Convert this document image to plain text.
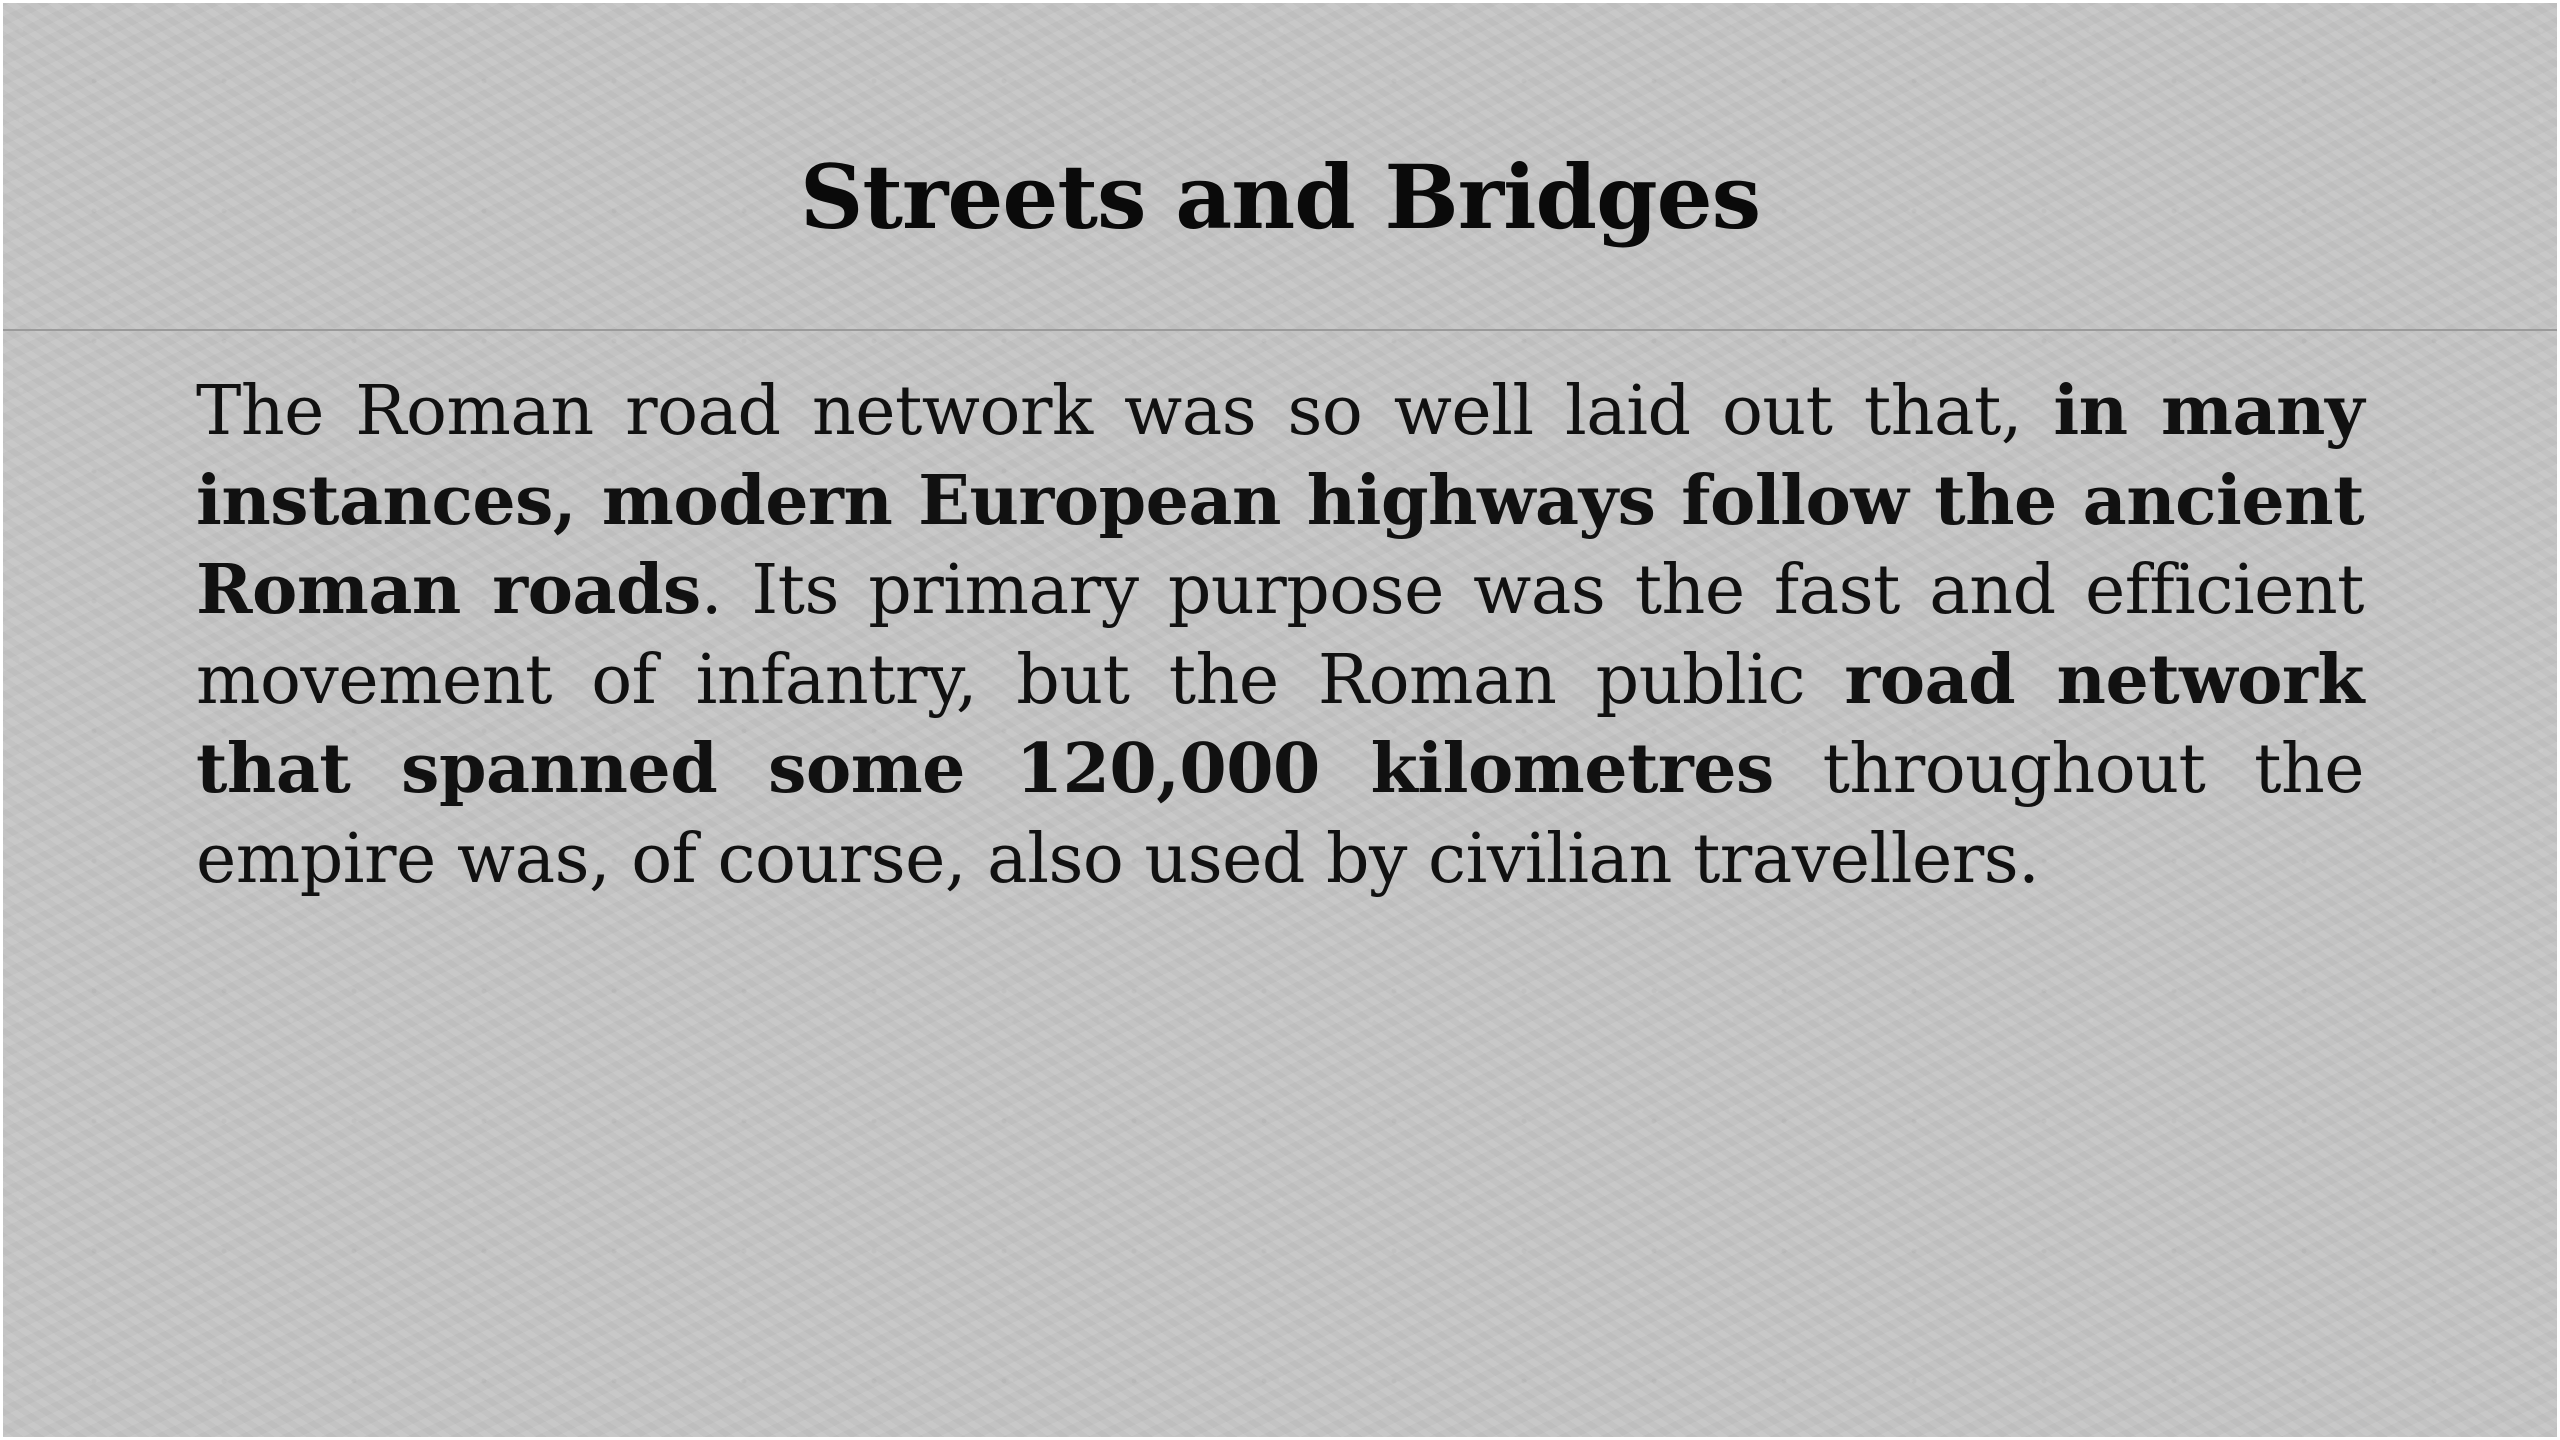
Streets and Bridges

The Roman road network was so well laid out that, in many instances, modern European highways follow the ancient Roman roads. Its primary purpose was the fast and efficient movement of infantry, but the Roman public road network that spanned some 120,000 kilometres throughout the empire was, of course, also used by civilian travellers.
